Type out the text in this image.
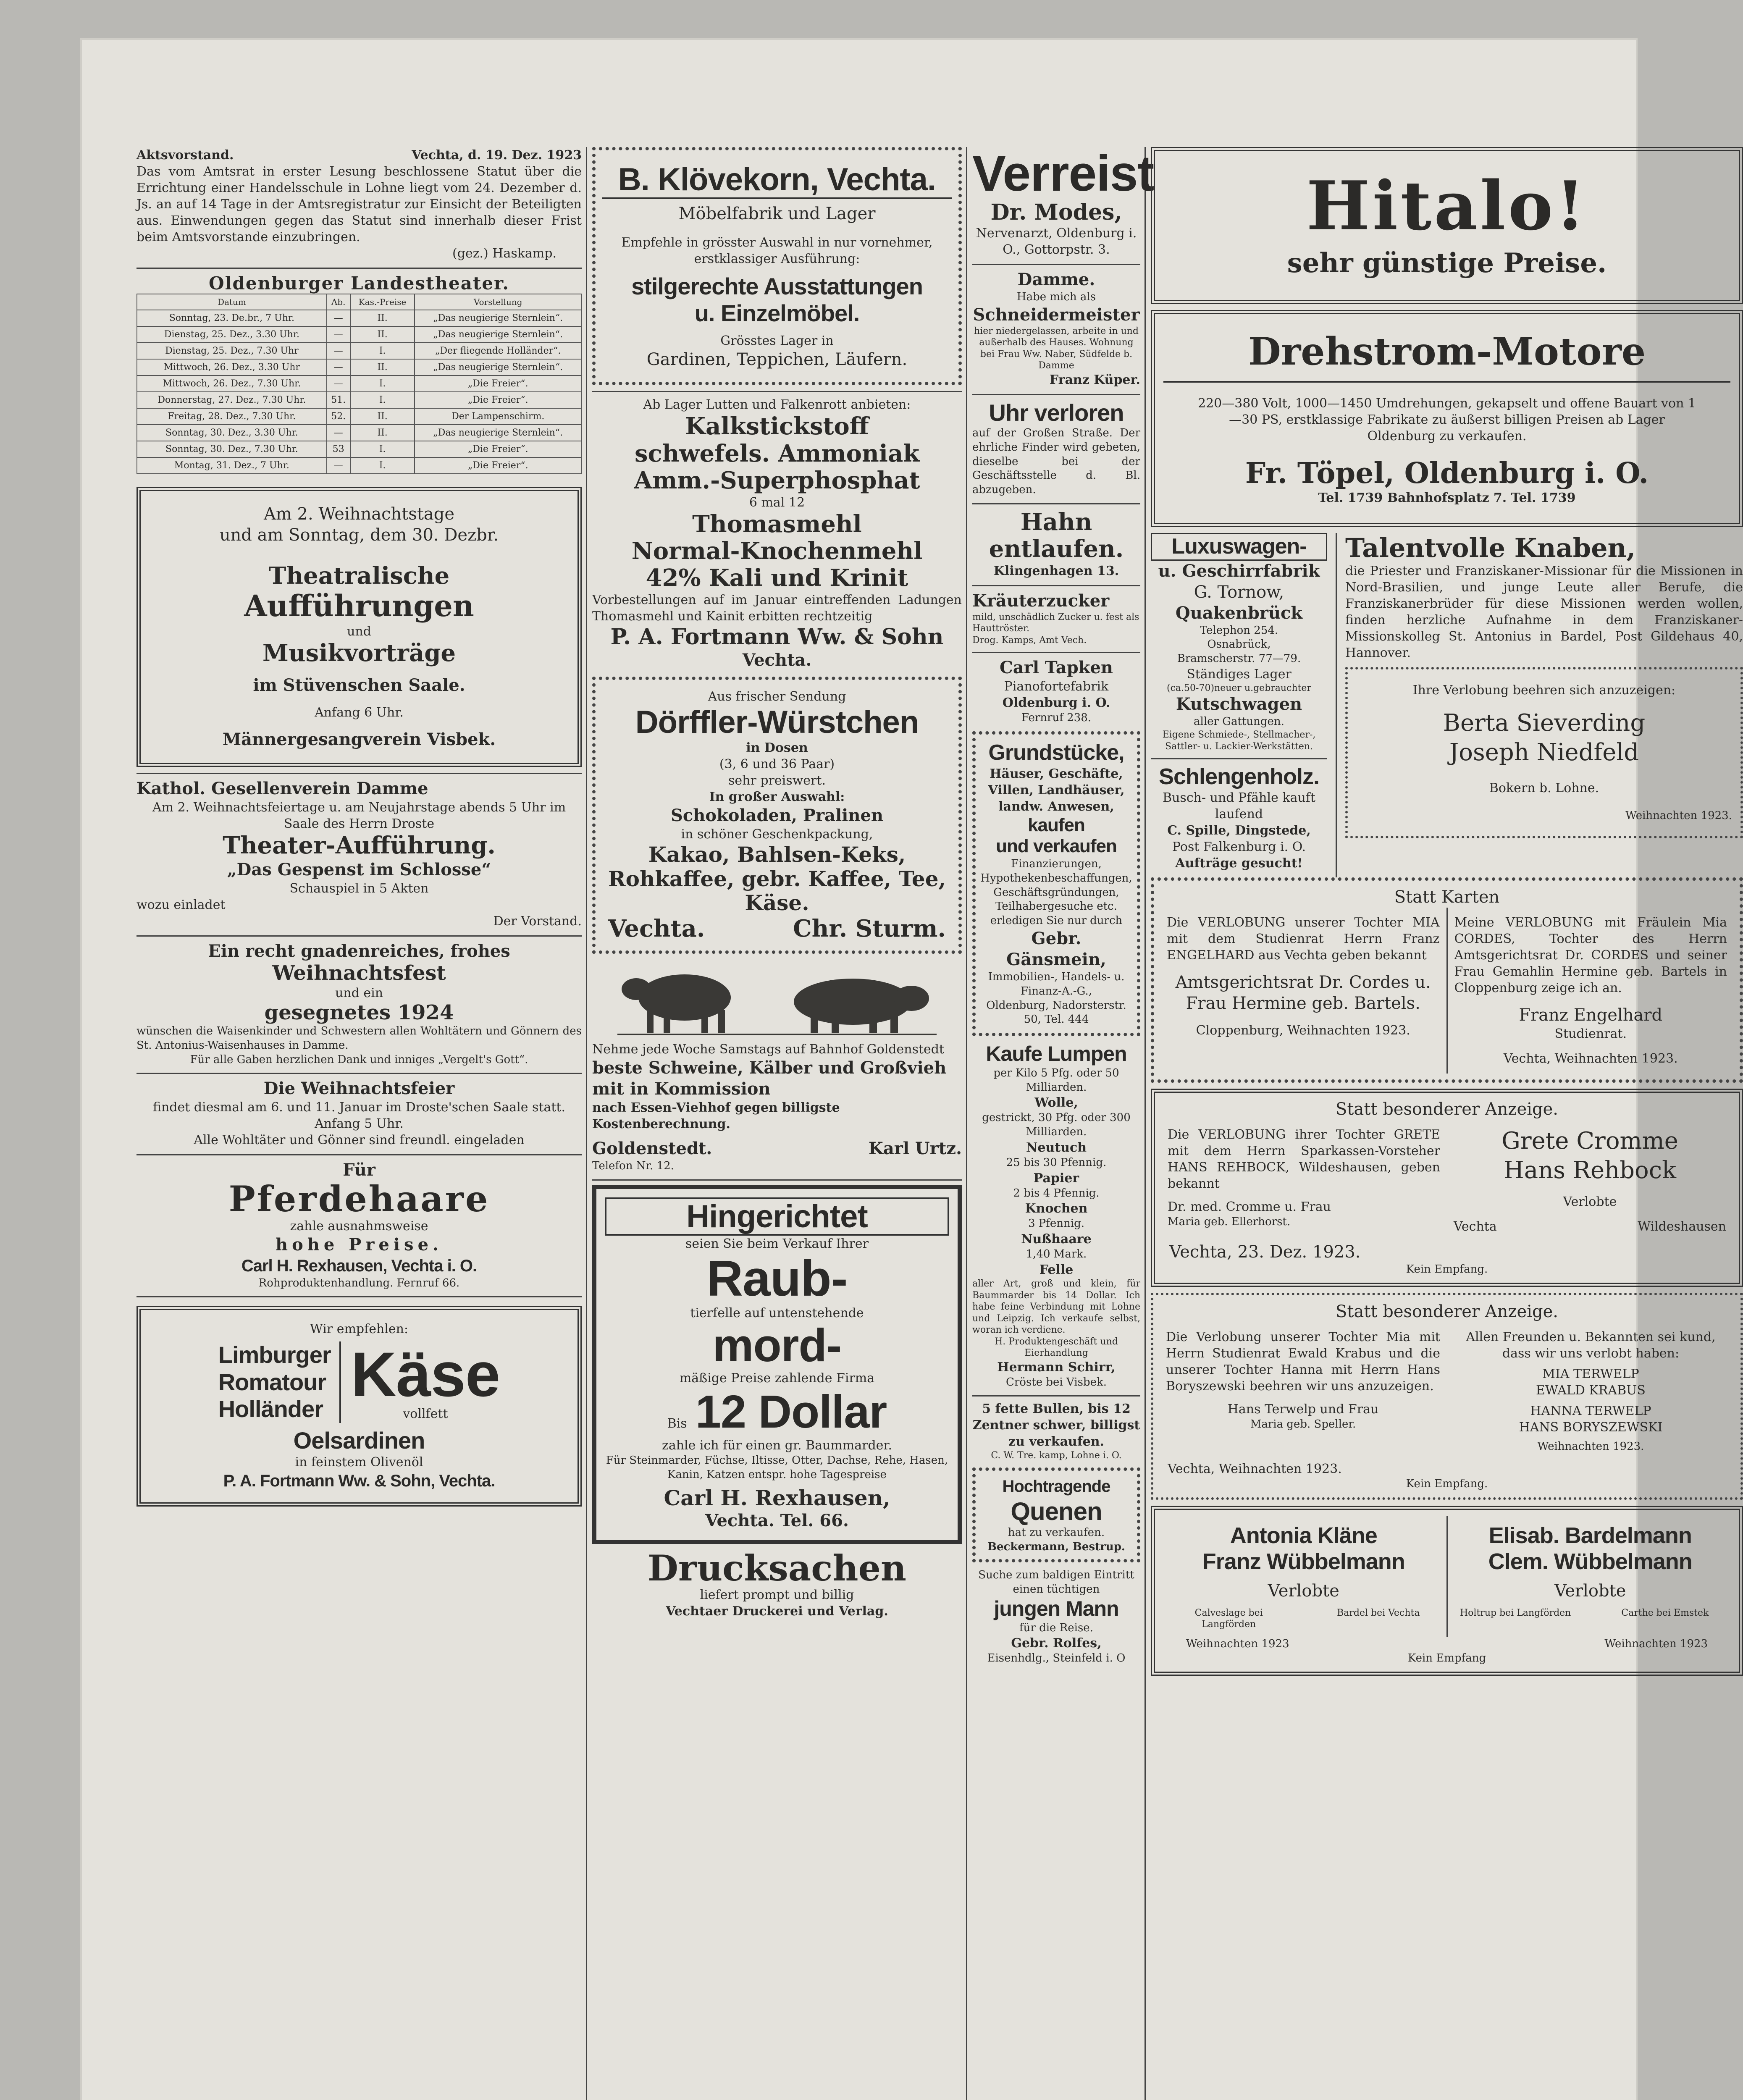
Aktsvorstand.	Vechta, d. 19. Dez. 1923
Das vom Amtsrat in erster Lesung beschlossene Statut über die Errichtung einer Handelsschule in Lohne liegt vom 24. Dezember d. Js. an auf 14 Tage in der Amtsregistratur zur Einsicht der Beteiligten aus. Einwendungen gegen das Statut sind innerhalb dieser Frist beim Amtsvorstande einzubringen.
(gez.) Haskamp.
Oldenburger Landestheater.
Datum	Ab.	Kas.-Preise	Vorstellung
Sonntag, 23. De.br., 7 Uhr.	—	II.	„Das neugierige Sternlein“.
Dienstag, 25. Dez., 3.30 Uhr.	—	II.	„Das neugierige Sternlein“.
Dienstag, 25. Dez., 7.30 Uhr	—	I.	„Der fliegende Holländer“.
Mittwoch, 26. Dez., 3.30 Uhr	—	II.	„Das neugierige Sternlein“.
Mittwoch, 26. Dez., 7.30 Uhr.	—	I.	„Die Freier“.
Donnerstag, 27. Dez., 7.30 Uhr.	51.	I.	„Die Freier“.
Freitag, 28. Dez., 7.30 Uhr.	52.	II.	Der Lampenschirm.
Sonntag, 30. Dez., 3.30 Uhr.	—	II.	„Das neugierige Sternlein“.
Sonntag, 30. Dez., 7.30 Uhr.	53	I.	„Die Freier“.
Montag, 31. Dez., 7 Uhr.	—	I.	„Die Freier“.
Am 2. Weihnachtstage
und am Sonntag, dem 30. Dezbr.
Theatralische
Aufführungen
und
Musikvorträge
im Stüvenschen Saale.
Anfang 6 Uhr.
Männergesangverein Visbek.
Kathol. Gesellenverein Damme
Am 2. Weihnachtsfeiertage u. am Neujahrstage abends 5 Uhr im Saale des Herrn Droste
Theater-Aufführung.
„Das Gespenst im Schlosse“
Schauspiel in 5 Akten
wozu einladet
Der Vorstand.
Ein recht gnadenreiches, frohes
Weihnachtsfest
und ein
gesegnetes 1924
wünschen die Waisenkinder und Schwestern allen Wohltätern und Gönnern des St. Antonius-Waisenhauses in Damme.
Für alle Gaben herzlichen Dank und inniges „Vergelt's Gott“.
Die Weihnachtsfeier
findet diesmal am 6. und 11. Januar im Droste'schen Saale statt.
Anfang 5 Uhr.
Alle Wohltäter und Gönner sind freundl. eingeladen
Für
Pferdehaare
zahle ausnahmsweise
hohe Preise.
Carl H. Rexhausen, Vechta i. O.
Rohproduktenhandlung. Fernruf 66.
Wir empfehlen:
Limburger
Romatour
Holländer Käse
vollfett
Oelsardinen
in feinstem Olivenöl
P. A. Fortmann Ww. & Sohn, Vechta.
B. Klövekorn, Vechta.
Möbelfabrik und Lager
Empfehle in grösster Auswahl in nur vornehmer, erstklassiger Ausführung:
stilgerechte Ausstattungen
u. Einzelmöbel.
Grösstes Lager in
Gardinen, Teppichen, Läufern.
Ab Lager Lutten und Falkenrott anbieten:
Kalkstickstoff
schwefels. Ammoniak
Amm.-Superphosphat
6 mal 12
Thomasmehl
Normal-Knochenmehl
42% Kali und Krinit
Vorbestellungen auf im Januar eintreffenden Ladungen Thomasmehl und Kainit erbitten rechtzeitig
P. A. Fortmann Ww. & Sohn
Vechta.
Aus frischer Sendung
Dörffler-Würstchen
in Dosen
(3, 6 und 36 Paar)
sehr preiswert.
In großer Auswahl:
Schokoladen, Pralinen
in schöner Geschenkpackung,
Kakao, Bahlsen-Keks,
Rohkaffee, gebr. Kaffee, Tee,
Käse.
Vechta.	Chr. Sturm.
Nehme jede Woche Samstags auf Bahnhof Goldenstedt
beste Schweine, Kälber und Großvieh mit in Kommission
nach Essen-Viehhof gegen billigste Kostenberechnung.
Goldenstedt.	Karl Urtz.
Telefon Nr. 12.
Hingerichtet
seien Sie beim Verkauf Ihrer
Raub-
tierfelle auf untenstehende
mord-
mäßige Preise zahlende Firma
Bis 12 Dollar
zahle ich für einen gr. Baummarder.
Für Steinmarder, Füchse, Iltisse, Otter, Dachse, Rehe, Hasen, Kanin, Katzen entspr. hohe Tagespreise
Carl H. Rexhausen,
Vechta. Tel. 66.
Drucksachen
liefert prompt und billig
Vechtaer Druckerei und Verlag.
Verreist
Dr. Modes,
Nervenarzt, Oldenburg i. O., Gottorpstr. 3.
Damme.
Habe mich als
Schneidermeister
hier niedergelassen, arbeite in und außerhalb des Hauses. Wohnung bei Frau Ww. Naber, Südfelde b. Damme
Franz Küper.
Uhr verloren
auf der Großen Straße. Der ehrliche Finder wird gebeten, dieselbe bei der Geschäftsstelle d. Bl. abzugeben.
Hahn
entlaufen.
Klingenhagen 13.
Kräuterzucker
mild, unschädlich Zucker u. fest als Hauttröster.
Drog. Kamps, Amt Vech.
Carl Tapken
Pianofortefabrik
Oldenburg i. O.
Fernruf 238.
Grundstücke,
Häuser, Geschäfte, Villen, Landhäuser, landw. Anwesen,
kaufen
und verkaufen
Finanzierungen, Hypothekenbeschaffungen, Geschäftsgründungen, Teilhabergesuche etc. erledigen Sie nur durch
Gebr. Gänsmein,
Immobilien-, Handels- u. Finanz-A.-G.,
Oldenburg, Nadorsterstr. 50, Tel. 444
Kaufe Lumpen
per Kilo 5 Pfg. oder 50 Milliarden.
Wolle,
gestrickt, 30 Pfg. oder 300 Milliarden.
Neutuch
25 bis 30 Pfennig.
Papier
2 bis 4 Pfennig.
Knochen
3 Pfennig.
Nußhaare
1,40 Mark.
Felle
aller Art, groß und klein, für Baummarder bis 14 Dollar. Ich habe feine Verbindung mit Lohne und Leipzig. Ich verkaufe selbst, woran ich verdiene.
H. Produktengeschäft und Eierhandlung
Hermann Schirr,
Cröste bei Visbek.
5 fette Bullen, bis 12 Zentner schwer, billigst zu verkaufen.
C. W. Tre. kamp, Lohne i. O.
Hochtragende
Quenen
hat zu verkaufen.
Beckermann, Bestrup.
Suche zum baldigen Eintritt einen tüchtigen
jungen Mann
für die Reise.
Gebr. Rolfes,
Eisenhdlg., Steinfeld i. O
Hitalo!
sehr günstige Preise.
Drehstrom-Motore
220—380 Volt, 1000—1450 Umdrehungen, gekapselt und offene Bauart von 1—30 PS, erstklassige Fabrikate zu äußerst billigen Preisen ab Lager Oldenburg zu verkaufen.
Fr. Töpel, Oldenburg i. O.
Tel. 1739 Bahnhofsplatz 7. Tel. 1739
Luxuswagen-
u. Geschirrfabrik
G. Tornow,
Quakenbrück
Telephon 254.
Osnabrück,
Bramscherstr. 77—79.
Ständiges Lager
(ca.50-70)neuer u.gebrauchter
Kutschwagen
aller Gattungen.
Eigene Schmiede-, Stellmacher-, Sattler- u. Lackier-Werkstätten.
Schlengenholz.
Busch- und Pfähle kauft laufend
C. Spille, Dingstede,
Post Falkenburg i. O.
Aufträge gesucht!
Talentvolle Knaben,
die Priester und Franziskaner-Missionar für die Missionen in Nord-Brasilien, und junge Leute aller Berufe, die Franziskanerbrüder für diese Missionen werden wollen, finden herzliche Aufnahme in dem Franziskaner-Missionskolleg St. Antonius in Bardel, Post Gildehaus 40, Hannover.
Ihre Verlobung beehren sich anzuzeigen:
Berta Sieverding
Joseph Niedfeld
Bokern b. Lohne.
Weihnachten 1923.
Statt Karten
Die VERLOBUNG unserer Tochter MIA mit dem Studienrat Herrn Franz ENGELHARD aus Vechta geben bekannt
Amtsgerichtsrat Dr. Cordes u. Frau Hermine geb. Bartels.
Cloppenburg, Weihnachten 1923.
Meine VERLOBUNG mit Fräulein Mia CORDES, Tochter des Herrn Amtsgerichtsrat Dr. CORDES und seiner Frau Gemahlin Hermine geb. Bartels in Cloppenburg zeige ich an.
Franz Engelhard
Studienrat.
Vechta, Weihnachten 1923.
Statt besonderer Anzeige.
Die VERLOBUNG ihrer Tochter GRETE mit dem Herrn Sparkassen-Vorsteher HANS REHBOCK, Wildeshausen, geben bekannt
Dr. med. Cromme u. Frau
Maria geb. Ellerhorst.
Grete Cromme
Hans Rehbock
Verlobte
Vechta	Wildeshausen
Vechta, 23. Dez. 1923.
Kein Empfang.
Statt besonderer Anzeige.
Die Verlobung unserer Tochter Mia mit Herrn Studienrat Ewald Krabus und die unserer Tochter Hanna mit Herrn Hans Boryszewski beehren wir uns anzuzeigen.
Hans Terwelp und Frau
Maria geb. Speller.
Allen Freunden u. Bekannten sei kund, dass wir uns verlobt haben:
MIA TERWELP
EWALD KRABUS
HANNA TERWELP
HANS BORYSZEWSKI
Weihnachten 1923.
Vechta, Weihnachten 1923.
Kein Empfang.
Antonia Kläne
Franz Wübbelmann
Verlobte
Calveslage bei Langförden
Bardel bei Vechta
Elisab. Bardelmann
Clem. Wübbelmann
Verlobte
Holtrup bei Langförden	Carthe bei Emstek
Weihnachten 1923	Weihnachten 1923
Kein Empfang
